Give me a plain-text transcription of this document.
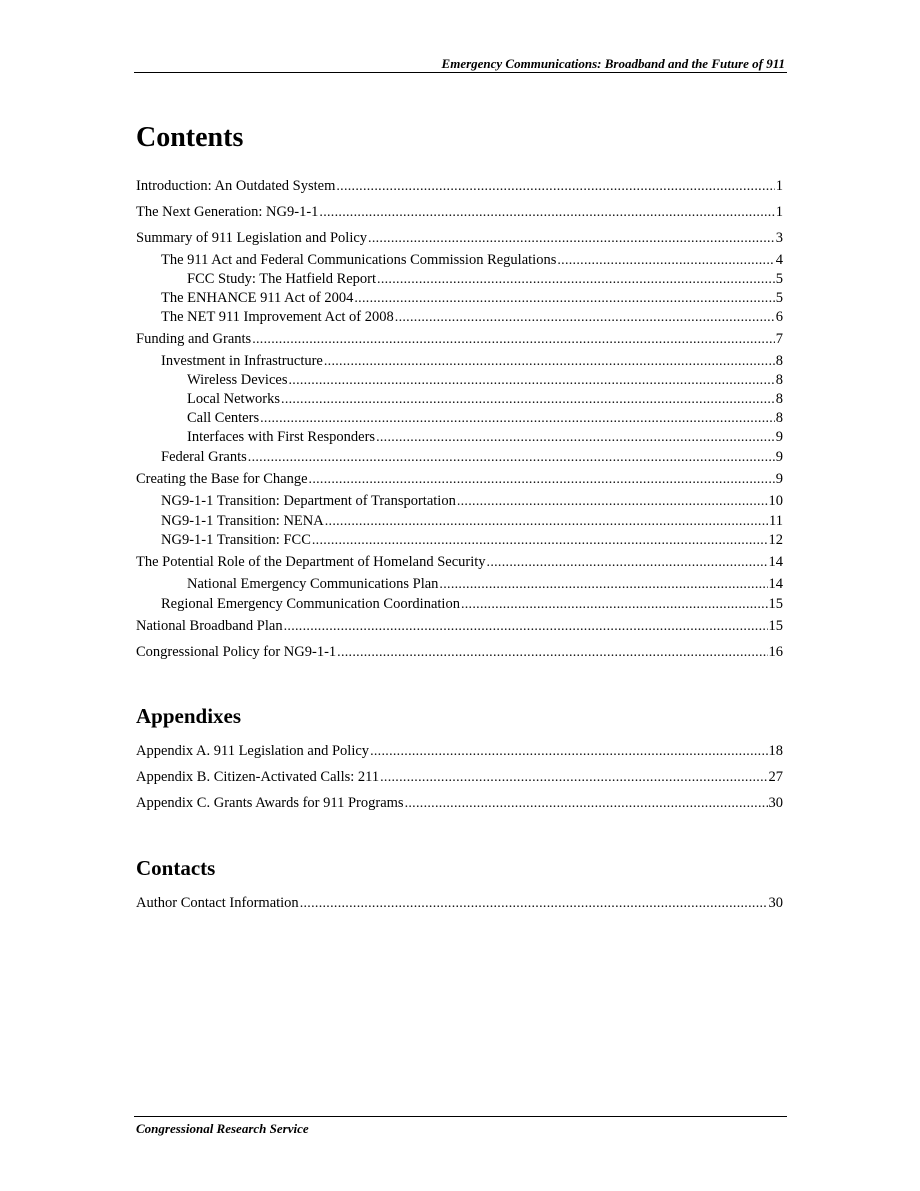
Emergency Communications: Broadband and the Future of 911
Contents
Introduction: An Outdated System . . .	1
The Next Generation: NG9-1-1 . . .	1
Summary of 911 Legislation and Policy . . .	3
The 911 Act and Federal Communications Commission Regulations . . .	4
FCC Study: The Hatfield Report . . .	5
The ENHANCE 911 Act of 2004 . . .	5
The NET 911 Improvement Act of 2008 . . .	6
Funding and Grants . . .	7
Investment in Infrastructure . . .	8
Wireless Devices . . .	8
Local Networks . . .	8
Call Centers . . .	8
Interfaces with First Responders . . .	9
Federal Grants . . .	9
Creating the Base for Change . . .	9
NG9-1-1 Transition: Department of Transportation . . .	10
NG9-1-1 Transition: NENA . . .	11
NG9-1-1 Transition: FCC . . .	12
The Potential Role of the Department of Homeland Security . . .	14
National Emergency Communications Plan . . .	14
Regional Emergency Communication Coordination . . .	15
National Broadband Plan . . .	15
Congressional Policy for NG9-1-1 . . .	16
Appendixes
Appendix A. 911 Legislation and Policy . . .	18
Appendix B. Citizen-Activated Calls: 211 . . .	27
Appendix C. Grants Awards for 911 Programs . . .	30
Contacts
Author Contact Information . . .	30
Congressional Research Service
